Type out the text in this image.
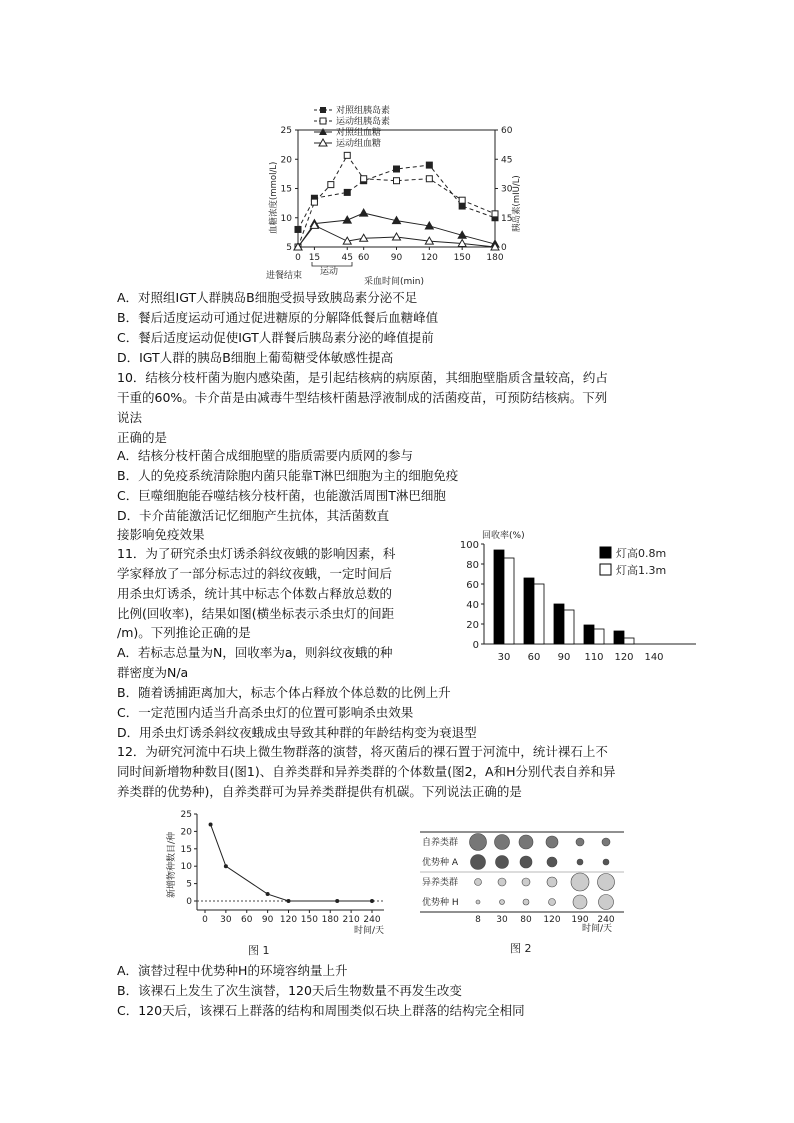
5
10
15
20
25
0
15
30
45
60
0 15 45 60 90 120 150 180
血糖浓度(mmol/L)	胰岛素(mIU/L)
采血时间(min)
进餐结束 运动
对照组胰岛素
运动组胰岛素
对照组血糖
运动组血糖
A．对照组IGT人群胰岛B细胞受损导致胰岛素分泌不足
B．餐后适度运动可通过促进糖原的分解降低餐后血糖峰值
C．餐后适度运动促使IGT人群餐后胰岛素分泌的峰值提前
D．IGT人群的胰岛B细胞上葡萄糖受体敏感性提高
10．结核分枝杆菌为胞内感染菌，是引起结核病的病原菌，其细胞壁脂质含量较高，约占
干重的60%。卡介苗是由减毒牛型结核杆菌悬浮液制成的活菌疫苗，可预防结核病。下列
说法
正确的是
A．结核分枝杆菌合成细胞壁的脂质需要内质网的参与
B．人的免疫系统清除胞内菌只能靠T淋巴细胞为主的细胞免疫
C．巨噬细胞能吞噬结核分枝杆菌，也能激活周围T淋巴细胞
D．卡介苗能激活记忆细胞产生抗体，其活菌数直
接影响免疫效果
11．为了研究杀虫灯诱杀斜纹夜蛾的影响因素，科
学家释放了一部分标志过的斜纹夜蛾，一定时间后
用杀虫灯诱杀，统计其中标志个体数占释放总数的
比例(回收率)，结果如图(横坐标表示杀虫灯的间距
/m)。下列推论正确的是
A．若标志总量为N，回收率为a，则斜纹夜蛾的种
群密度为N/a
B．随着诱捕距离加大，标志个体占释放个体总数的比例上升
C．一定范围内适当升高杀虫灯的位置可影响杀虫效果
D．用杀虫灯诱杀斜纹夜蛾成虫导致其种群的年龄结构变为衰退型
回收率(%)
0
20
40
60
80
100
30 60 90 110 120 140
灯高0.8m
灯高1.3m
12．为研究河流中石块上微生物群落的演替，将灭菌后的裸石置于河流中，统计裸石上不
同时间新增物种数目(图1)、自养类群和异养类群的个体数量(图2，A和H分别代表自养和异
养类群的优势种)，自养类群可为异养类群提供有机碳。下列说法正确的是
新增物种数目/种
0
5
10
15
20
25
0 30 60 90 120 150 180 210 240
时间/天
图 1
自养类群
优势种 A
异养类群
优势种 H
8 30 80 120 190 240
时间/天
图 2
A．演替过程中优势种H的环境容纳量上升
B．该裸石上发生了次生演替，120天后生物数量不再发生改变
C．120天后，该裸石上群落的结构和周围类似石块上群落的结构完全相同
